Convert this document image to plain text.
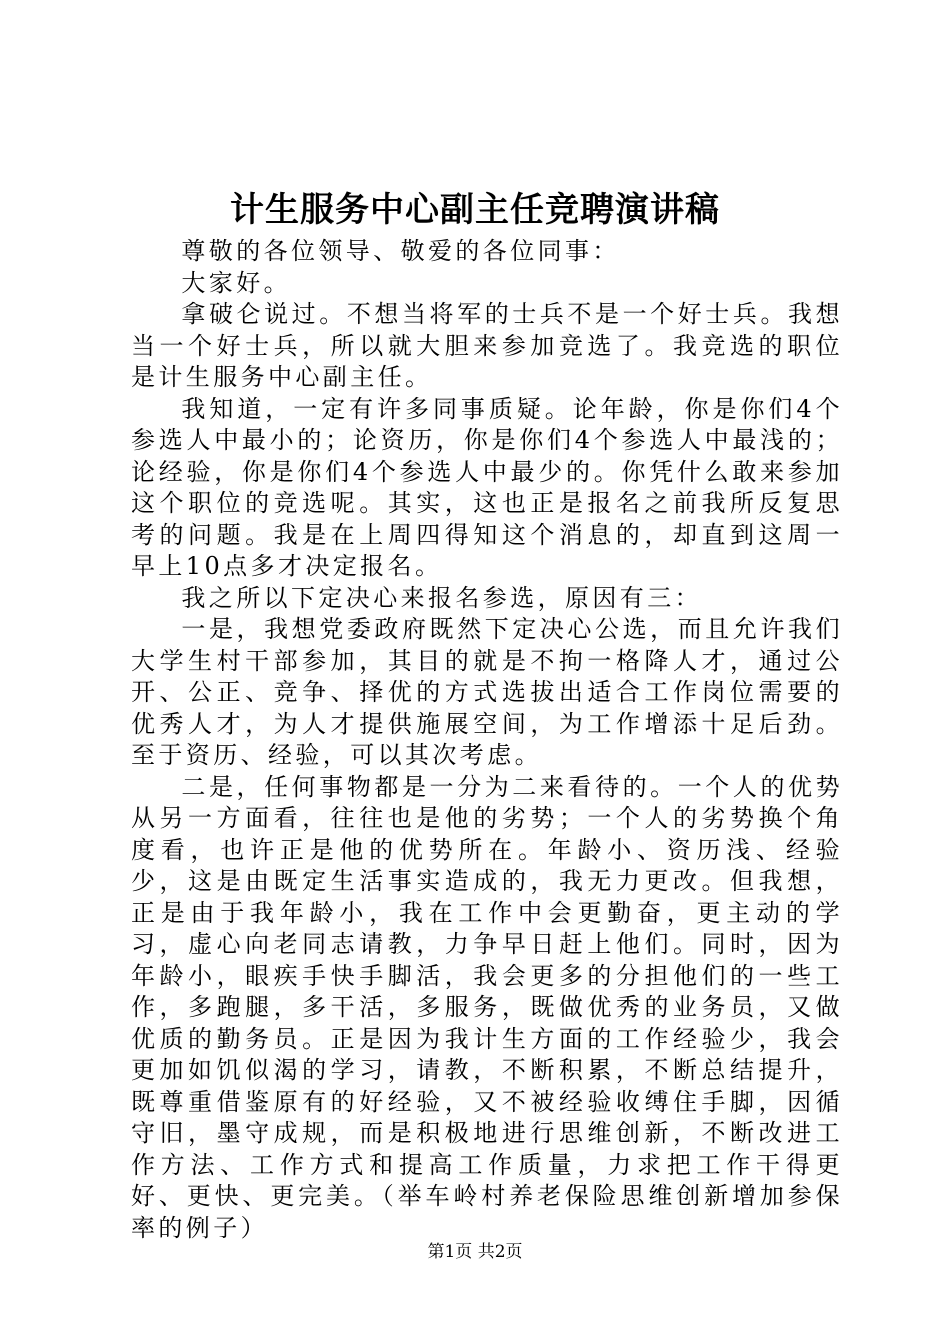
计生服务中心副主任竞聘演讲稿

尊敬的各位领导、敬爱的各位同事：

大家好。

拿破仑说过。不想当将军的士兵不是一个好士兵。我想当一个好士兵，所以就大胆来参加竞选了。我竞选的职位是计生服务中心副主任。

我知道，一定有许多同事质疑。论年龄，你是你们4个参选人中最小的；论资历，你是你们4个参选人中最浅的；论经验，你是你们4个参选人中最少的。你凭什么敢来参加这个职位的竞选呢。其实，这也正是报名之前我所反复思考的问题。我是在上周四得知这个消息的，却直到这周一早上10点多才决定报名。

我之所以下定决心来报名参选，原因有三：

一是，我想党委政府既然下定决心公选，而且允许我们大学生村干部参加，其目的就是不拘一格降人才，通过公开、公正、竞争、择优的方式选拔出适合工作岗位需要的优秀人才，为人才提供施展空间，为工作增添十足后劲。至于资历、经验，可以其次考虑。

二是，任何事物都是一分为二来看待的。一个人的优势从另一方面看，往往也是他的劣势；一个人的劣势换个角度看，也许正是他的优势所在。年龄小、资历浅、经验少，这是由既定生活事实造成的，我无力更改。但我想，正是由于我年龄小，我在工作中会更勤奋，更主动的学习，虚心向老同志请教，力争早日赶上他们。同时，因为年龄小，眼疾手快手脚活，我会更多的分担他们的一些工作，多跑腿，多干活，多服务，既做优秀的业务员，又做优质的勤务员。正是因为我计生方面的工作经验少，我会更加如饥似渴的学习，请教，不断积累，不断总结提升，既尊重借鉴原有的好经验，又不被经验收缚住手脚，因循守旧，墨守成规，而是积极地进行思维创新，不断改进工作方法、工作方式和提高工作质量，力求把工作干得更好、更快、更完美。（举车岭村养老保险思维创新增加参保率的例子）

第1页 共2页
